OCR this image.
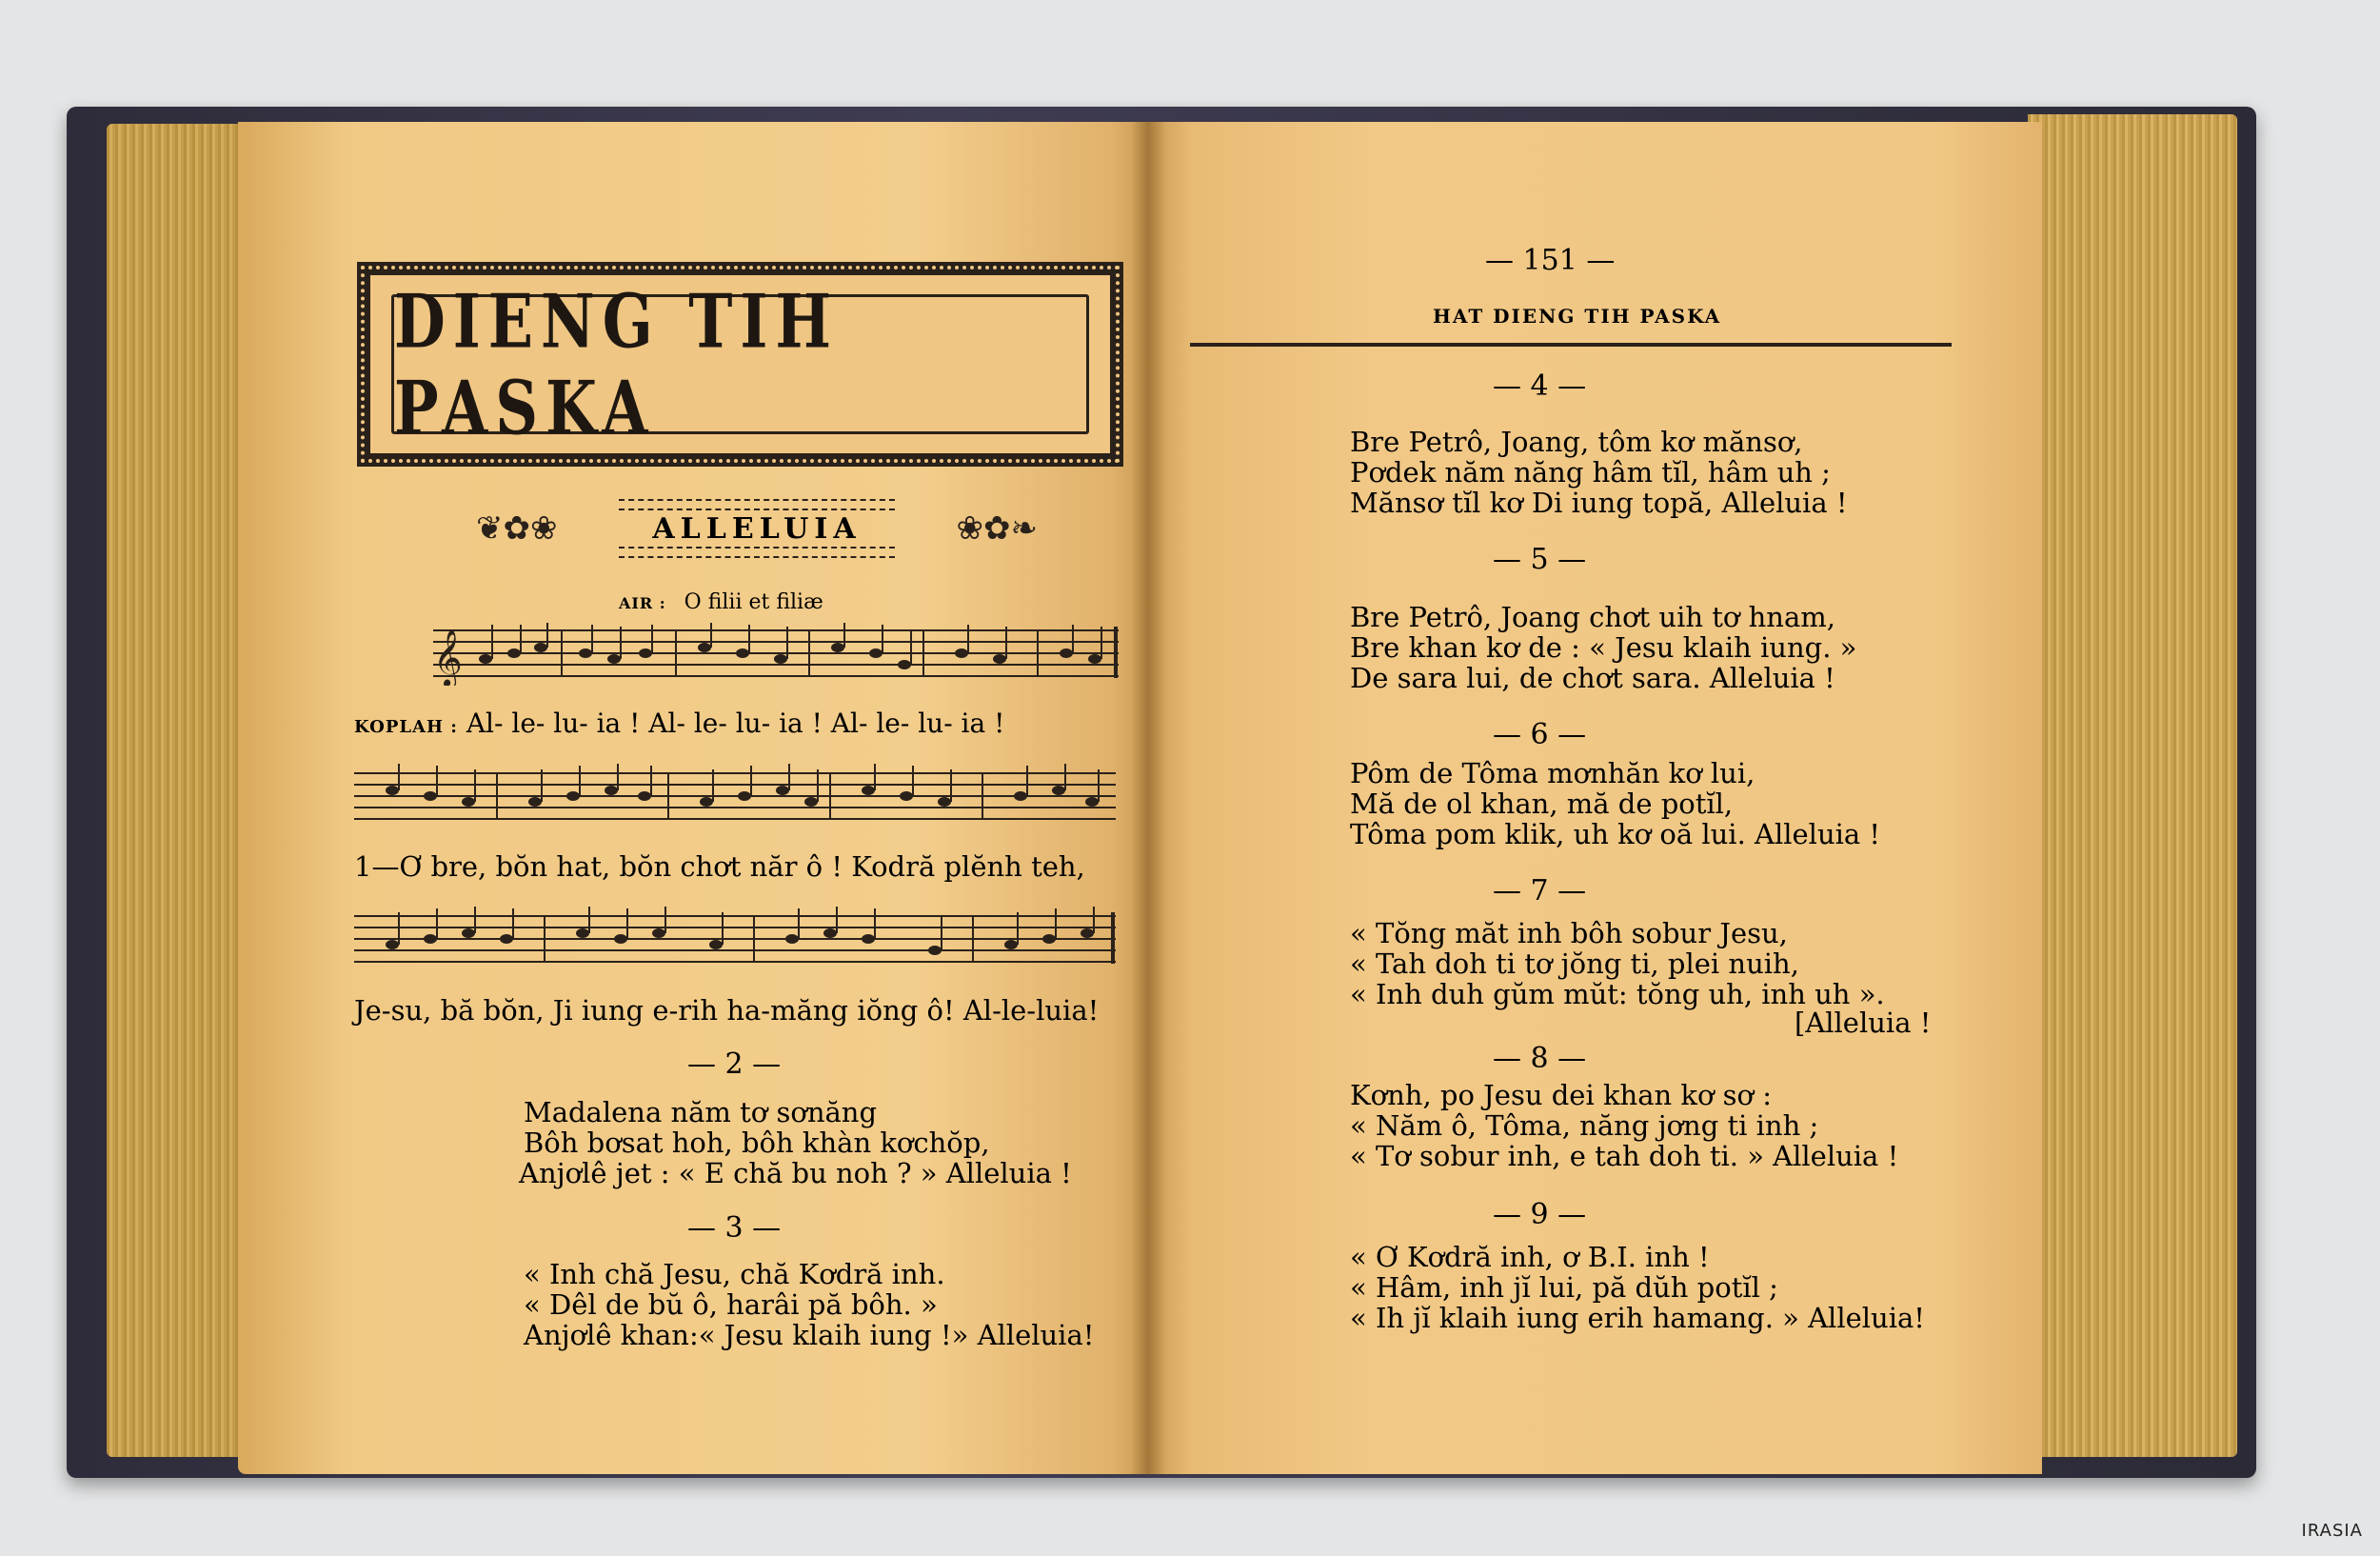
DIENG TIH PASKA
❦✿❀	ALLELUIA	❀✿❧
AIR : O filii et filiæ
𝄞
KOPLAH : Al- le- lu- ia ! Al- le- lu- ia ! Al- le- lu- ia !
1—Ơ bre, bŏn hat, bŏn chơt năr ô ! Kodră plĕnh teh,
Je-su, bă bŏn, Ji iung e-rih ha-măng iŏng ô! Al-le-luia!
— 2 —
Madalena năm tơ sơnăng
Bôh bơsat hoh, bôh khàn kơchŏp,
Anjơlê jet : « E chă bu noh ? » Alleluia !
— 3 —
« Inh chă Jesu, chă Kơdră inh.
« Dêl de bŭ ô, harâi pă bôh. »
Anjơlê khan:« Jesu klaih iung !» Alleluia!
— 151 —
HAT DIENG TIH PASKA
— 4 —
Bre Petrô, Joang, tôm kơ mănsơ,
Pơdek năm năng hâm tĭl, hâm uh ;
Mănsơ tĭl kơ Di iung topă, Alleluia !
— 5 —
Bre Petrô, Joang chơt uih tơ hnam,
Bre khan kơ de : « Jesu klaih iung. »
De sara lui, de chơt sara. Alleluia !
— 6 —
Pôm de Tôma mơnhăn kơ lui,
Mă de ol khan, mă de potĭl,
Tôma pom klik, uh kơ oă lui. Alleluia !
— 7 —
« Tŏng măt inh bôh sobur Jesu,
« Tah doh ti tơ jŏng ti, plei nuih,
« Inh duh gŭm mŭt: tŏng uh, inh uh ».
[Alleluia !
— 8 —
Kơnh, po Jesu dei khan kơ sơ :
« Năm ô, Tôma, năng jơng ti inh ;
« Tơ sobur inh, e tah doh ti. » Alleluia !
— 9 —
« Ơ Kơdră inh, ơ B.I. inh !
« Hâm, inh jĭ lui, pă dŭh potĭl ;
« Ih jĭ klaih iung erih hamang. » Alleluia!
IRASIA
